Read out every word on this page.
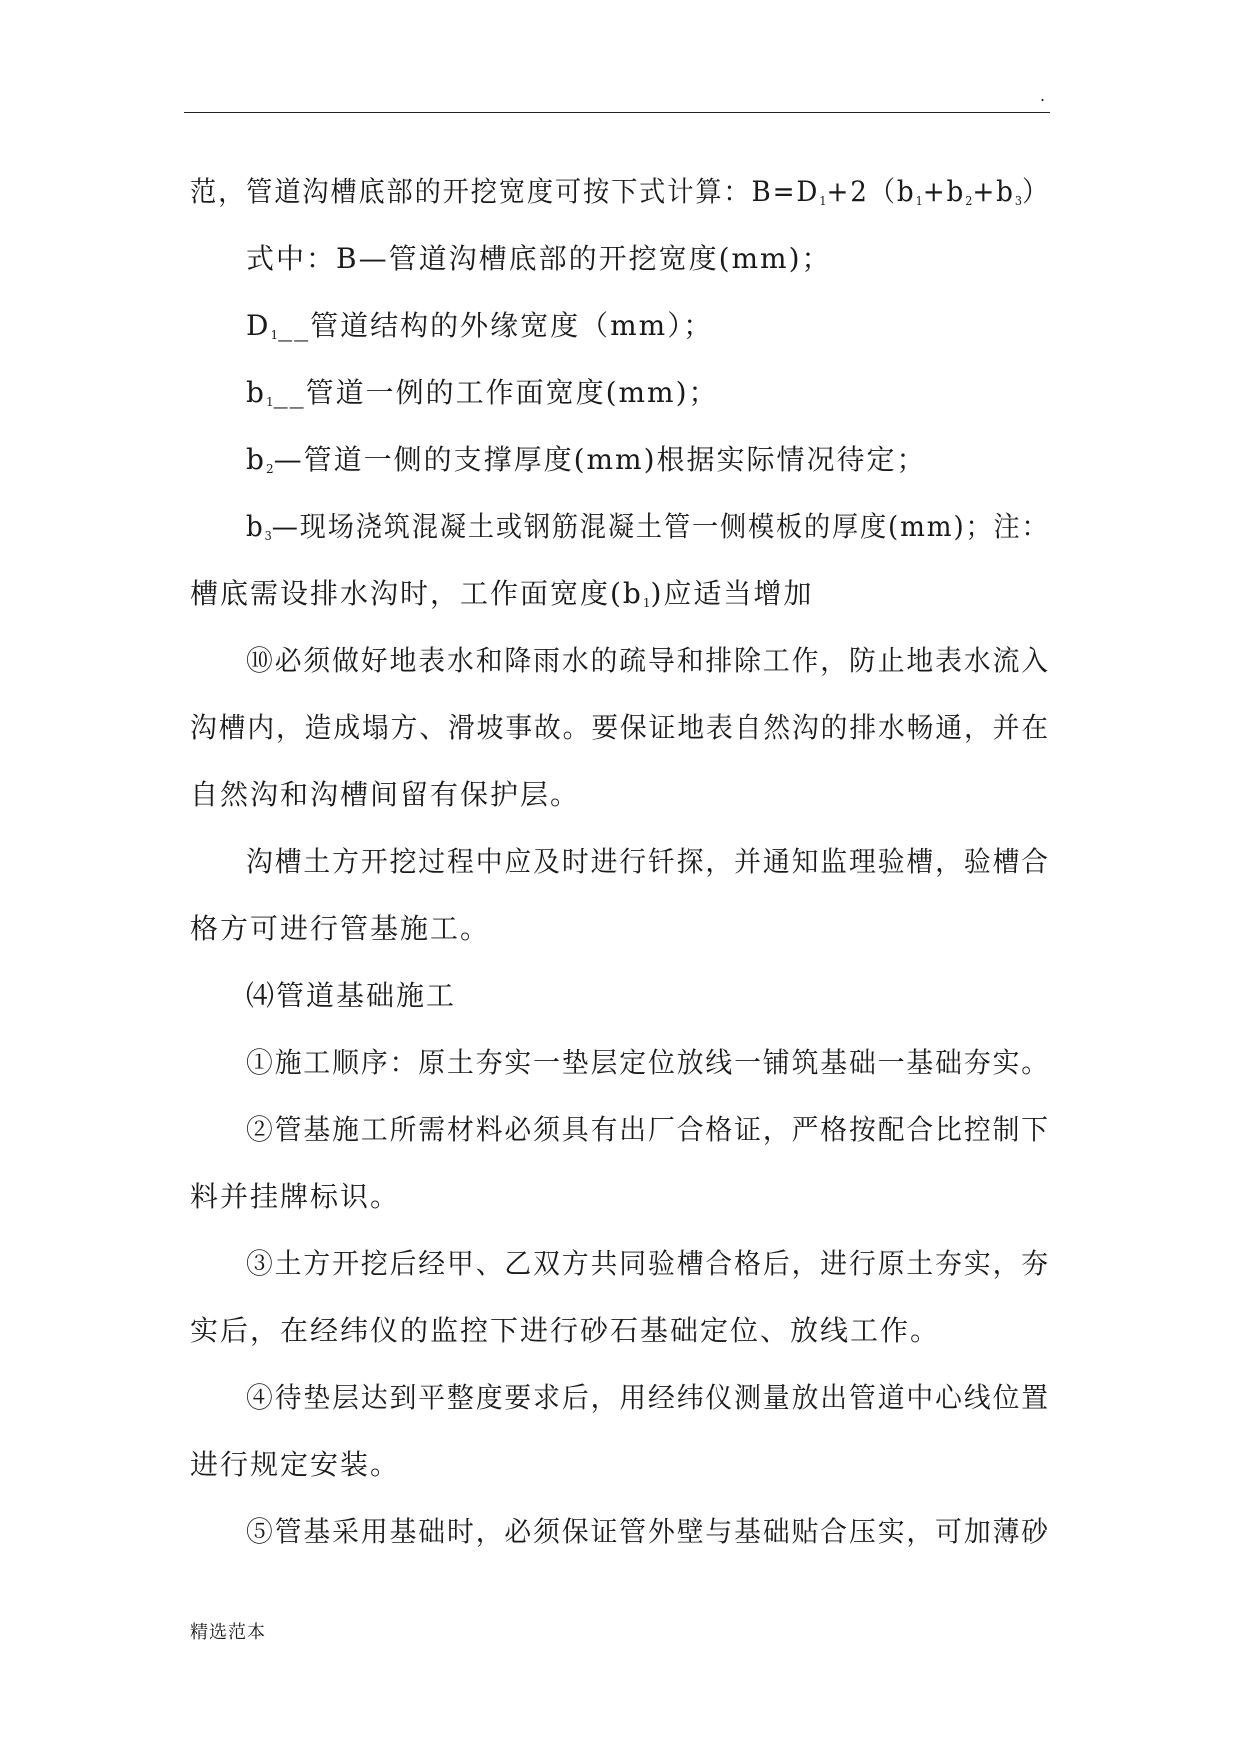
.
范，管道沟槽底部的开挖宽度可按下式计算：$B=D_1+2(b_1+b_2+b_3)$
式中：B—管道沟槽底部的开挖宽度(mm)；
$D_1\_\_$管道结构的外缘宽度（mm）；
$b_1\_\_$管道一例的工作面宽度(mm)；
$b_2—$管道一侧的支撑厚度(mm)根据实际情况待定；
$b_3—$现场浇筑混凝土或钢筋混凝土管一侧模板的厚度(mm)；注：
槽底需设排水沟时，工作面宽度$(b_1)$应适当增加
⑩必须做好地表水和降雨水的疏导和排除工作，防止地表水流入
沟槽内，造成塌方、滑坡事故。要保证地表自然沟的排水畅通，并在
自然沟和沟槽间留有保护层。
沟槽土方开挖过程中应及时进行钎探，并通知监理验槽，验槽合
格方可进行管基施工。
⑷管道基础施工
①施工顺序：原土夯实一垫层定位放线一铺筑基础一基础夯实。
②管基施工所需材料必须具有出厂合格证，严格按配合比控制下
料并挂牌标识。
③土方开挖后经甲、乙双方共同验槽合格后，进行原土夯实，夯
实后，在经纬仪的监控下进行砂石基础定位、放线工作。
④待垫层达到平整度要求后，用经纬仪测量放出管道中心线位置
进行规定安装。
⑤管基采用基础时，必须保证管外壁与基础贴合压实，可加薄砂
精选范本
